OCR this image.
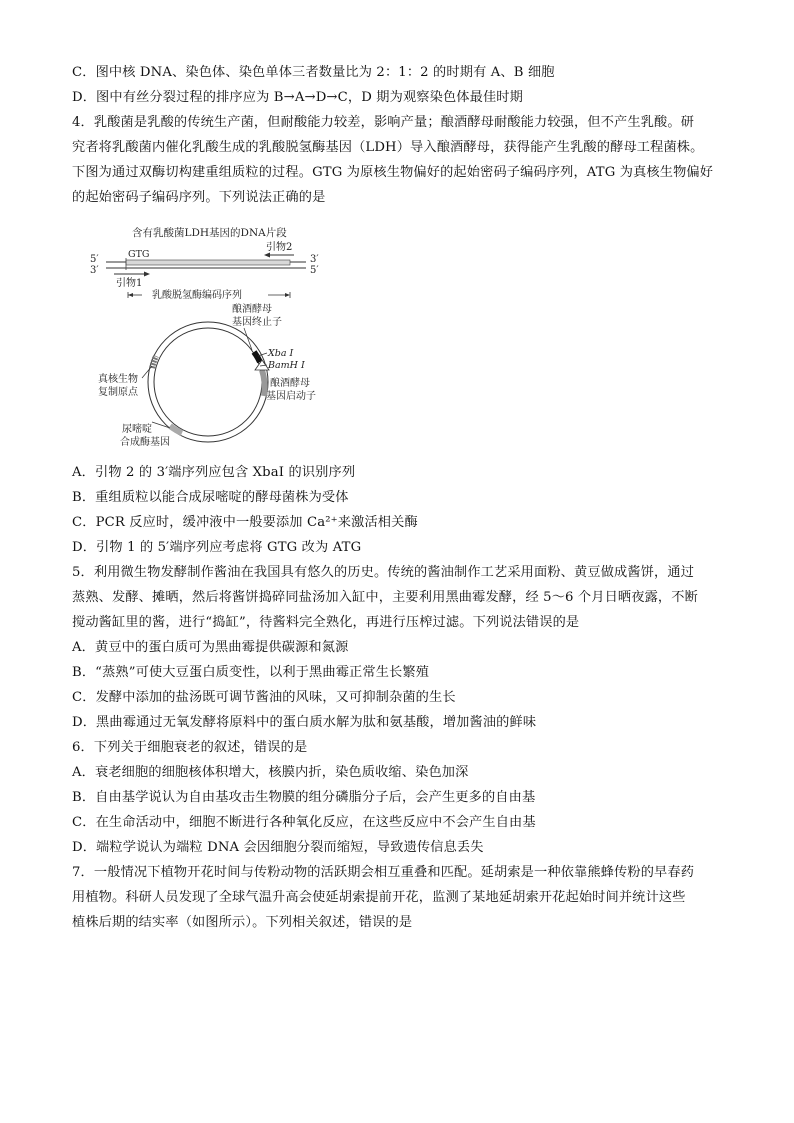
C．图中核 DNA、染色体、染色单体三者数量比为 2：1：2 的时期有 A、B 细胞
D．图中有丝分裂过程的排序应为 B→A→D→C，D 期为观察染色体最佳时期
4．乳酸菌是乳酸的传统生产菌，但耐酸能力较差，影响产量；酿酒酵母耐酸能力较强，但不产生乳酸。研
究者将乳酸菌内催化乳酸生成的乳酸脱氢酶基因（LDH）导入酿酒酵母，获得能产生乳酸的酵母工程菌株。
下图为通过双酶切构建重组质粒的过程。GTG 为原核生物偏好的起始密码子编码序列，ATG 为真核生物偏好
的起始密码子编码序列。下列说法正确的是
含有乳酸菌LDH基因的DNA片段
5′
3′
3′
5′
GTG
引物2
引物1
乳酸脱氢酶编码序列
酿酒酵母
基因终止子
Xba I
BamH I
酿酒酵母
基因启动子
真核生物
复制原点
尿嘧啶
合成酶基因
A．引物 2 的 3′端序列应包含 XbaI 的识别序列
B．重组质粒以能合成尿嘧啶的酵母菌株为受体
C．PCR 反应时，缓冲液中一般要添加 Ca²⁺来激活相关酶
D．引物 1 的 5′端序列应考虑将 GTG 改为 ATG
5．利用微生物发酵制作酱油在我国具有悠久的历史。传统的酱油制作工艺采用面粉、黄豆做成酱饼，通过
蒸熟、发酵、摊晒，然后将酱饼捣碎同盐汤加入缸中，主要利用黑曲霉发酵，经 5～6 个月日晒夜露，不断
搅动酱缸里的酱，进行“捣缸”，待酱料完全熟化，再进行压榨过滤。下列说法错误的是
A．黄豆中的蛋白质可为黑曲霉提供碳源和氮源
B．“蒸熟”可使大豆蛋白质变性，以利于黑曲霉正常生长繁殖
C．发酵中添加的盐汤既可调节酱油的风味，又可抑制杂菌的生长
D．黑曲霉通过无氧发酵将原料中的蛋白质水解为肽和氨基酸，增加酱油的鲜味
6．下列关于细胞衰老的叙述，错误的是
A．衰老细胞的细胞核体积增大，核膜内折，染色质收缩、染色加深
B．自由基学说认为自由基攻击生物膜的组分磷脂分子后，会产生更多的自由基
C．在生命活动中，细胞不断进行各种氧化反应，在这些反应中不会产生自由基
D．端粒学说认为端粒 DNA 会因细胞分裂而缩短，导致遗传信息丢失
7．一般情况下植物开花时间与传粉动物的活跃期会相互重叠和匹配。延胡索是一种依靠熊蜂传粉的早春药
用植物。科研人员发现了全球气温升高会使延胡索提前开花，监测了某地延胡索开花起始时间并统计这些
植株后期的结实率（如图所示）。下列相关叙述，错误的是
